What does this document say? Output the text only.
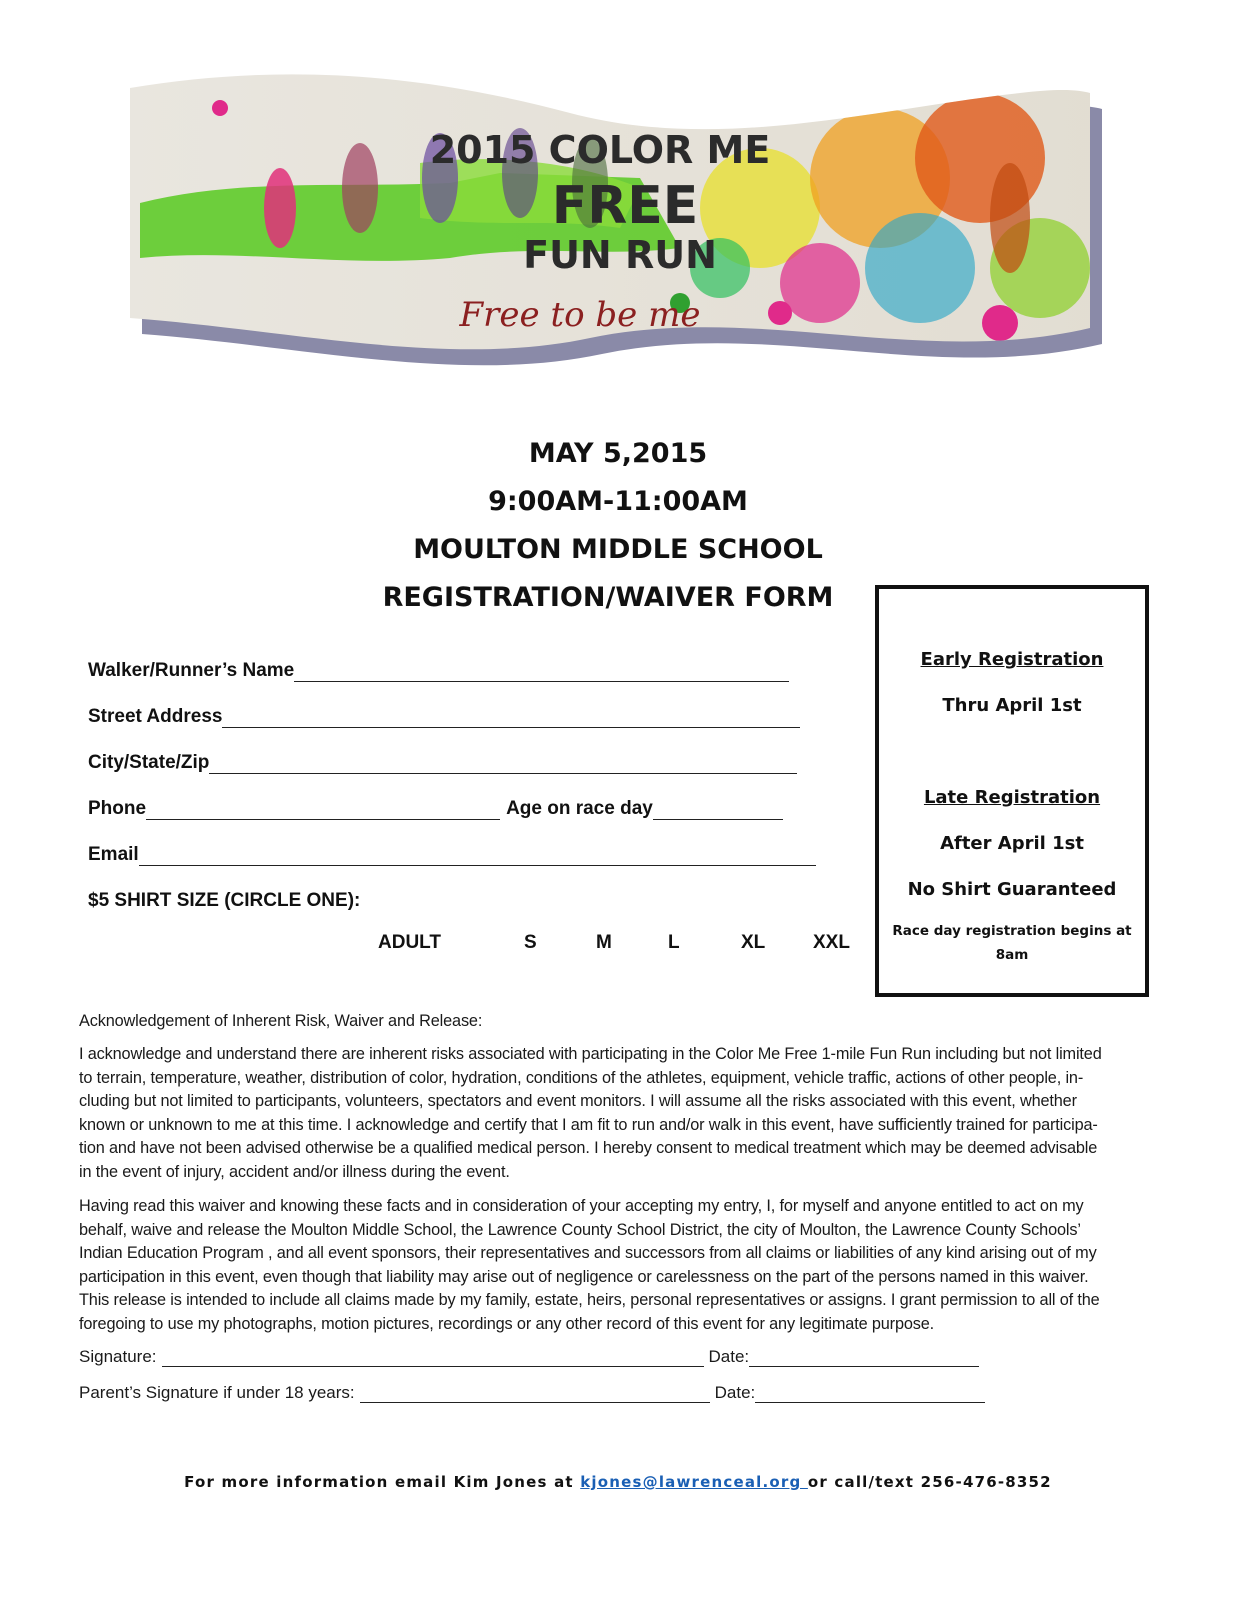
2015 COLOR ME
FREE
FUN RUN
Free to be me
MAY 5,2015
9:00AM-11:00AM
MOULTON MIDDLE SCHOOL
REGISTRATION/WAIVER FORM
Walker/Runner’s Name
Street Address
City/State/Zip
Phone	Age on race day
Email
$5 SHIRT SIZE (CIRCLE ONE):
ADULT	S	M	L	XL	XXL
Early Registration
Thru April 1st
Late Registration
After April 1st
No Shirt Guaranteed
Race day registration begins at
8am
Acknowledgement of Inherent Risk, Waiver and Release:
I acknowledge and understand there are inherent risks associated with participating in the Color Me Free 1-mile Fun Run including but not limited
to terrain, temperature, weather, distribution of color, hydration, conditions of the athletes, equipment, vehicle traffic, actions of other people, in-
cluding but not limited to participants, volunteers, spectators and event monitors. I will assume all the risks associated with this event, whether
known or unknown to me at this time. I acknowledge and certify that I am fit to run and/or walk in this event, have sufficiently trained for participa-
tion and have not been advised otherwise be a qualified medical person. I hereby consent to medical treatment which may be deemed advisable
in the event of injury, accident and/or illness during the event.
Having read this waiver and knowing these facts and in consideration of your accepting my entry, I, for myself and anyone entitled to act on my
behalf, waive and release the Moulton Middle School, the Lawrence County School District, the city of Moulton, the Lawrence County Schools’
Indian Education Program , and all event sponsors, their representatives and successors from all claims or liabilities of any kind arising out of my
participation in this event, even though that liability may arise out of negligence or carelessness on the part of the persons named in this waiver.
This release is intended to include all claims made by my family, estate, heirs, personal representatives or assigns. I grant permission to all of the
foregoing to use my photographs, motion pictures, recordings or any other record of this event for any legitimate purpose.
Signature:	Date:
Parent’s Signature if under 18 years:	Date:
For more information email Kim Jones at kjones@lawrenceal.org or call/text 256-476-8352
